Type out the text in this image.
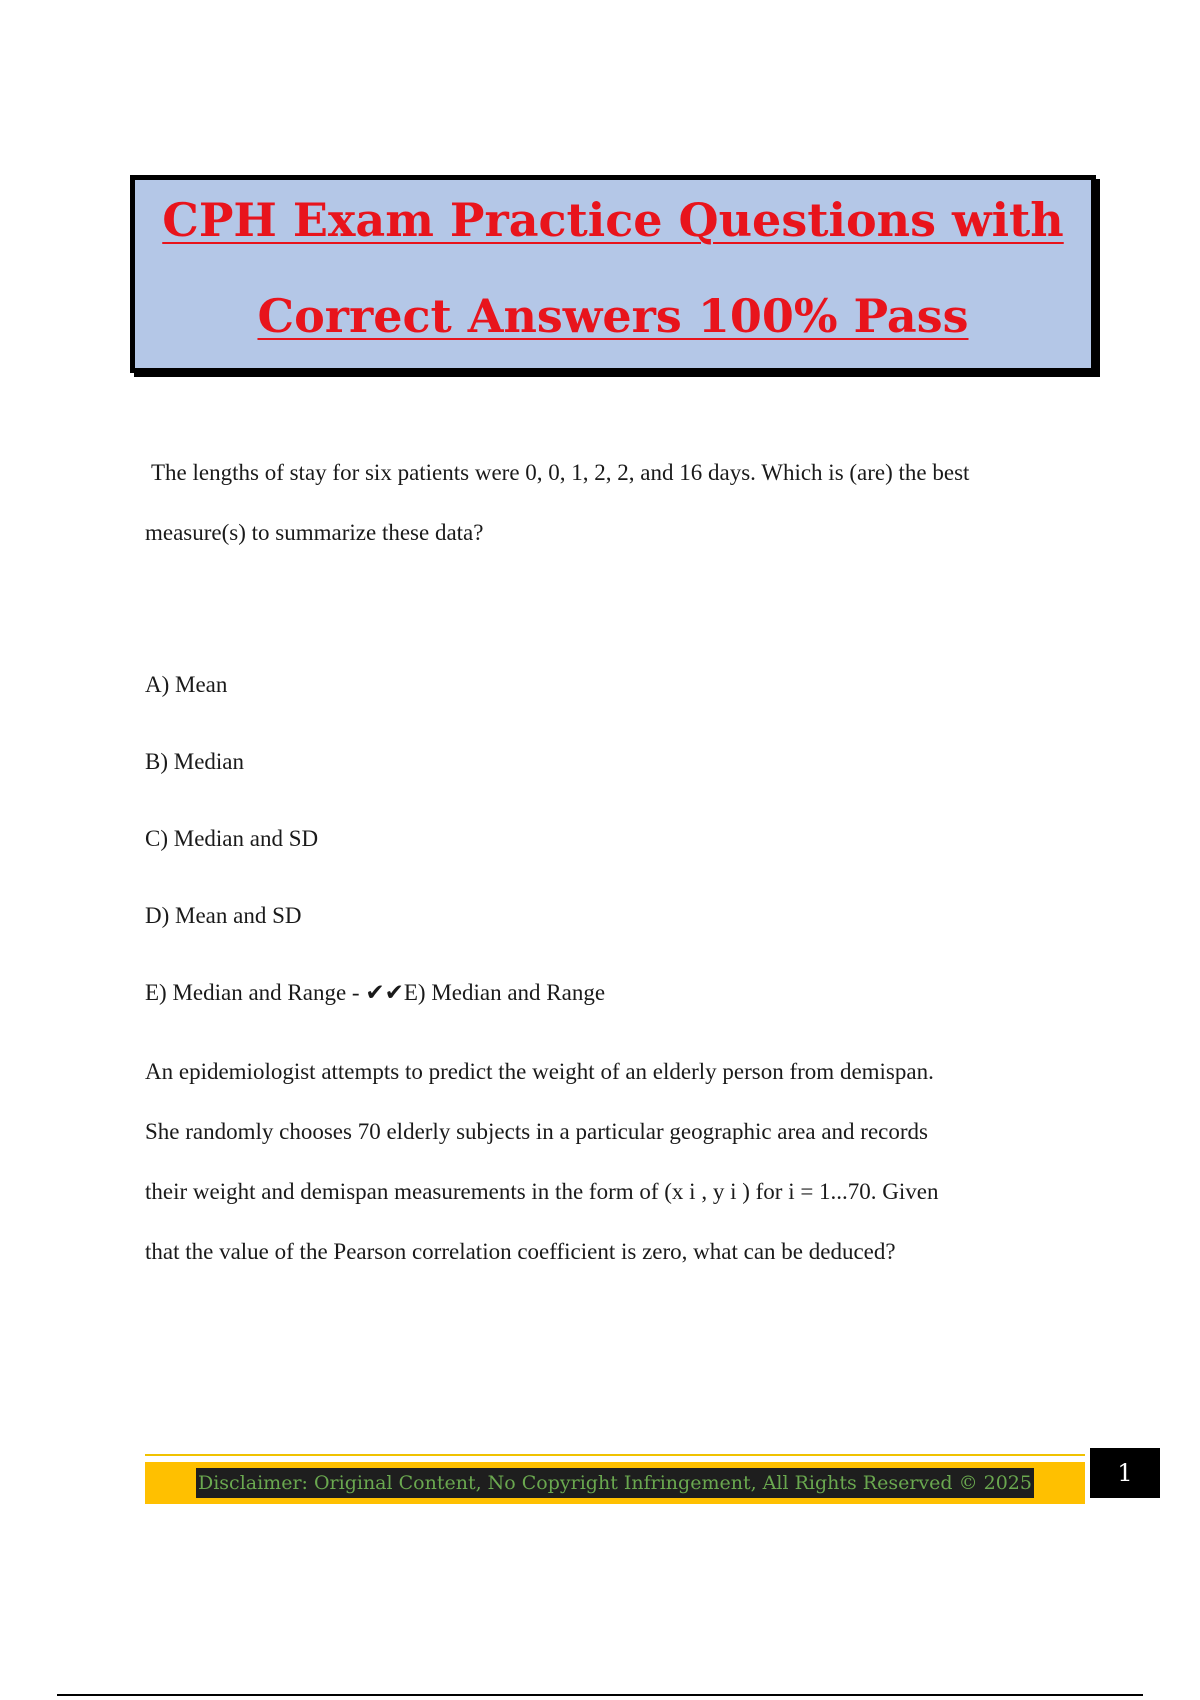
CPH Exam Practice Questions with
Correct Answers 100% Pass

The lengths of stay for six patients were 0, 0, 1, 2, 2, and 16 days. Which is (are) the best
measure(s) to summarize these data?

A) Mean
B) Median
C) Median and SD
D) Mean and SD
E) Median and Range - ✔✔E) Median and Range

An epidemiologist attempts to predict the weight of an elderly person from demispan.
She randomly chooses 70 elderly subjects in a particular geographic area and records
their weight and demispan measurements in the form of (x i , y i ) for i = 1...70. Given
that the value of the Pearson correlation coefficient is zero, what can be deduced?

Disclaimer: Original Content, No Copyright Infringement, All Rights Reserved © 2025	1
